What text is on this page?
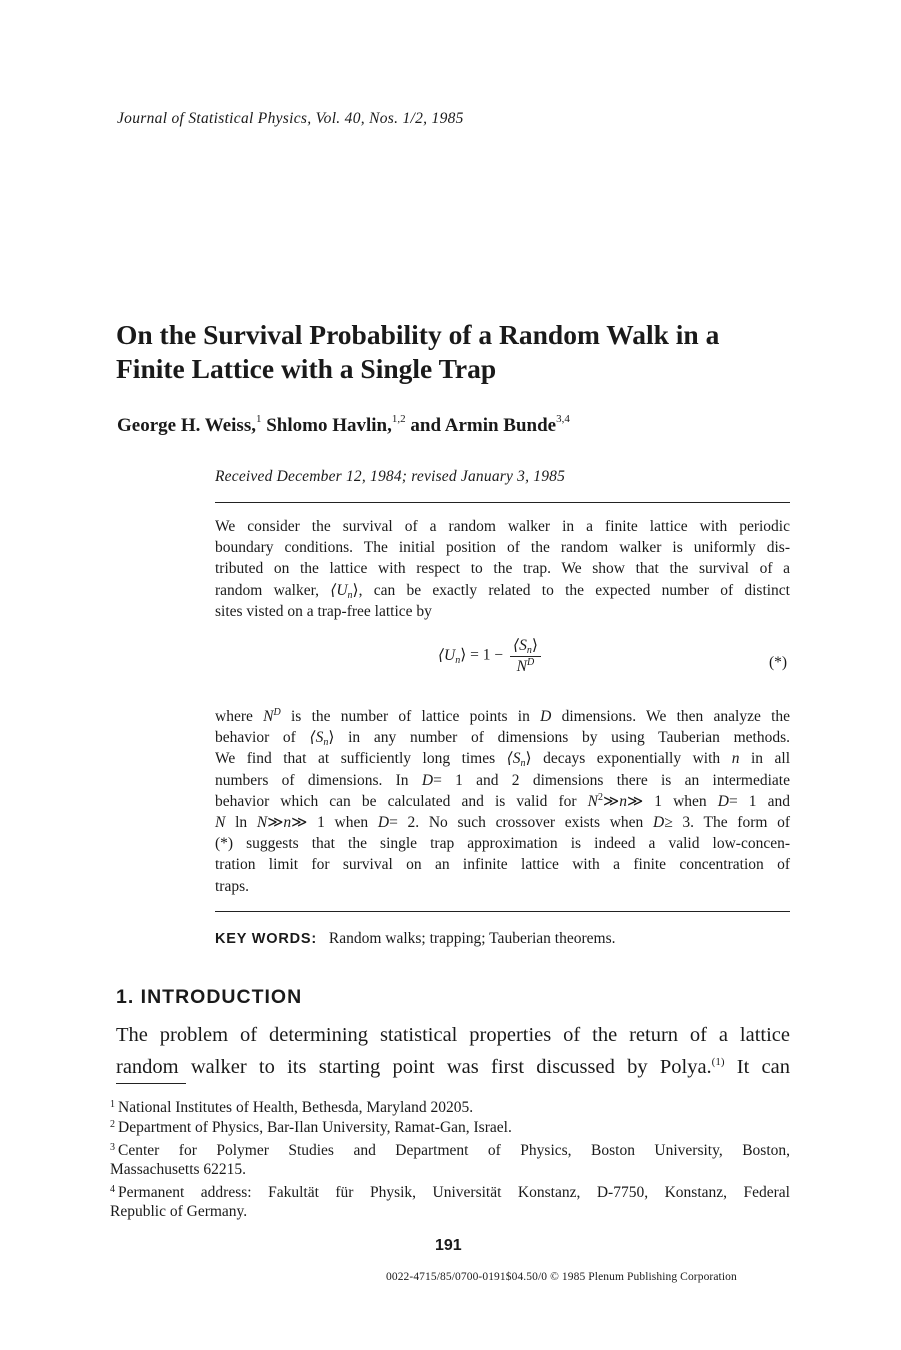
Journal of Statistical Physics, Vol. 40, Nos. 1/2, 1985
On the Survival Probability of a Random Walk in a
Finite Lattice with a Single Trap
George H. Weiss,$^1$ Shlomo Havlin,$^{1,2}$ and Armin Bunde$^{3,4}$
Received December 12, 1984; revised January 3, 1985
We consider the survival of a random walker in a finite lattice with periodic
boundary conditions. The initial position of the random walker is uniformly dis-
tributed on the lattice with respect to the trap. We show that the survival of a
random walker, ⟨Un⟩, can be exactly related to the expected number of distinct
sites visted on a trap-free lattice by
⟨Un⟩ = $1 - \frac{⟨Sn⟩}{N^D}$	(*)
where $N^D$ is the number of lattice points in D dimensions. We then analyze the
behavior of ⟨Sn⟩ in any number of dimensions by using Tauberian methods.
We find that at sufficiently long times ⟨Sn⟩ decays exponentially with n in all
numbers of dimensions. In D= 1 and 2 dimensions there is an intermediate
behavior which can be calculated and is valid for $N^2≫n≫$ 1 when D= 1 and
N ln N≫n≫ 1 when D= 2. No such crossover exists when D≥ 3. The form of
(*) suggests that the single trap approximation is indeed a valid low-concen-
tration limit for survival on an infinite lattice with a finite concentration of
traps.
KEY WORDS: Random walks; trapping; Tauberian theorems.
1. INTRODUCTION
The problem of determining statistical properties of the return of a lattice
random walker to its starting point was first discussed by Polya.$^{(1)}$ It can
$^1$ National Institutes of Health, Bethesda, Maryland 20205.
$^2$ Department of Physics, Bar-Ilan University, Ramat-Gan, Israel.
$^3$ Center for Polymer Studies and Department of Physics, Boston University, Boston,
Massachusetts 62215.
$^4$ Permanent address: Fakultät für Physik, Universität Konstanz, D-7750, Konstanz, Federal
Republic of Germany.
191
0022-4715/85/0700-0191$04.50/0 © 1985 Plenum Publishing Corporation
